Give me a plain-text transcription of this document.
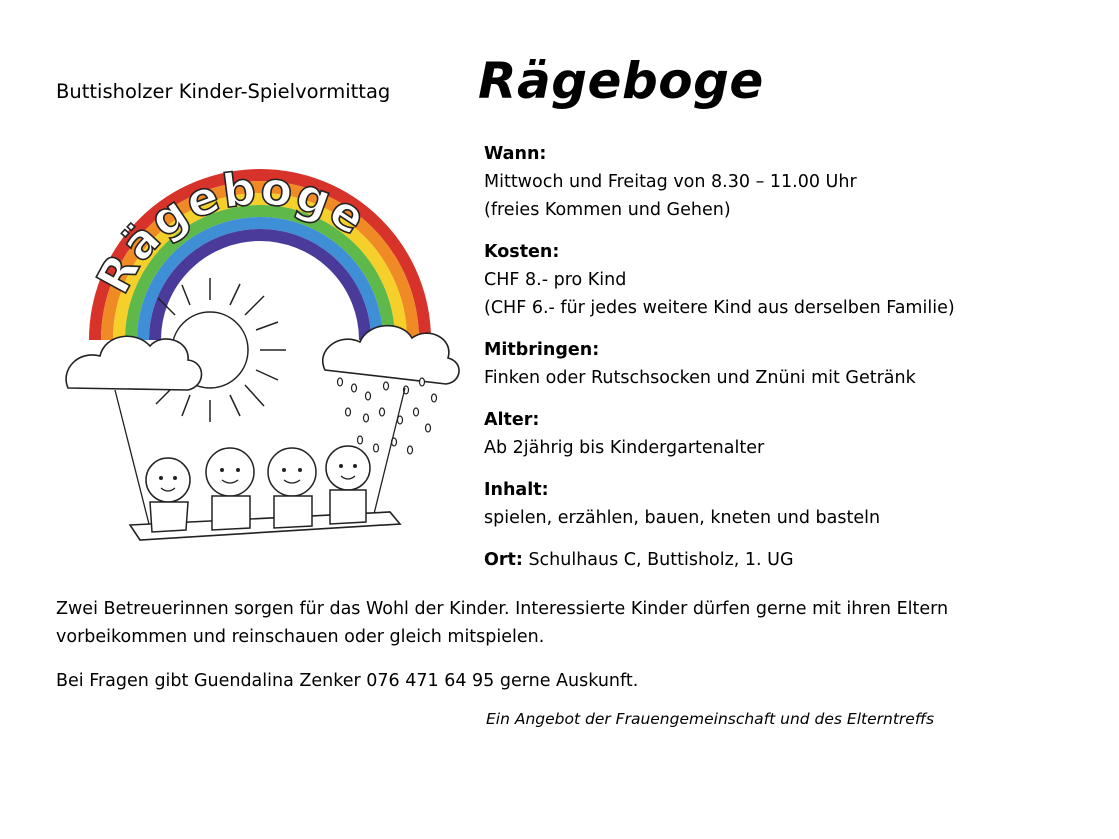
Buttisholzer Kinder-Spielvormittag Rägeboge
Rägeboge
Wann:
Mittwoch und Freitag von 8.30 – 11.00 Uhr
(freies Kommen und Gehen)
Kosten:
CHF 8.- pro Kind
(CHF 6.- für jedes weitere Kind aus derselben Familie)
Mitbringen:
Finken oder Rutschsocken und Znüni mit Getränk
Alter:
Ab 2jährig bis Kindergartenalter
Inhalt:
spielen, erzählen, bauen, kneten und basteln
Ort: Schulhaus C, Buttisholz, 1. UG
Zwei Betreuerinnen sorgen für das Wohl der Kinder. Interessierte Kinder dürfen gerne mit ihren Eltern
vorbeikommen und reinschauen oder gleich mitspielen.
Bei Fragen gibt Guendalina Zenker 076 471 64 95 gerne Auskunft.
Ein Angebot der Frauengemeinschaft und des Elterntreffs
